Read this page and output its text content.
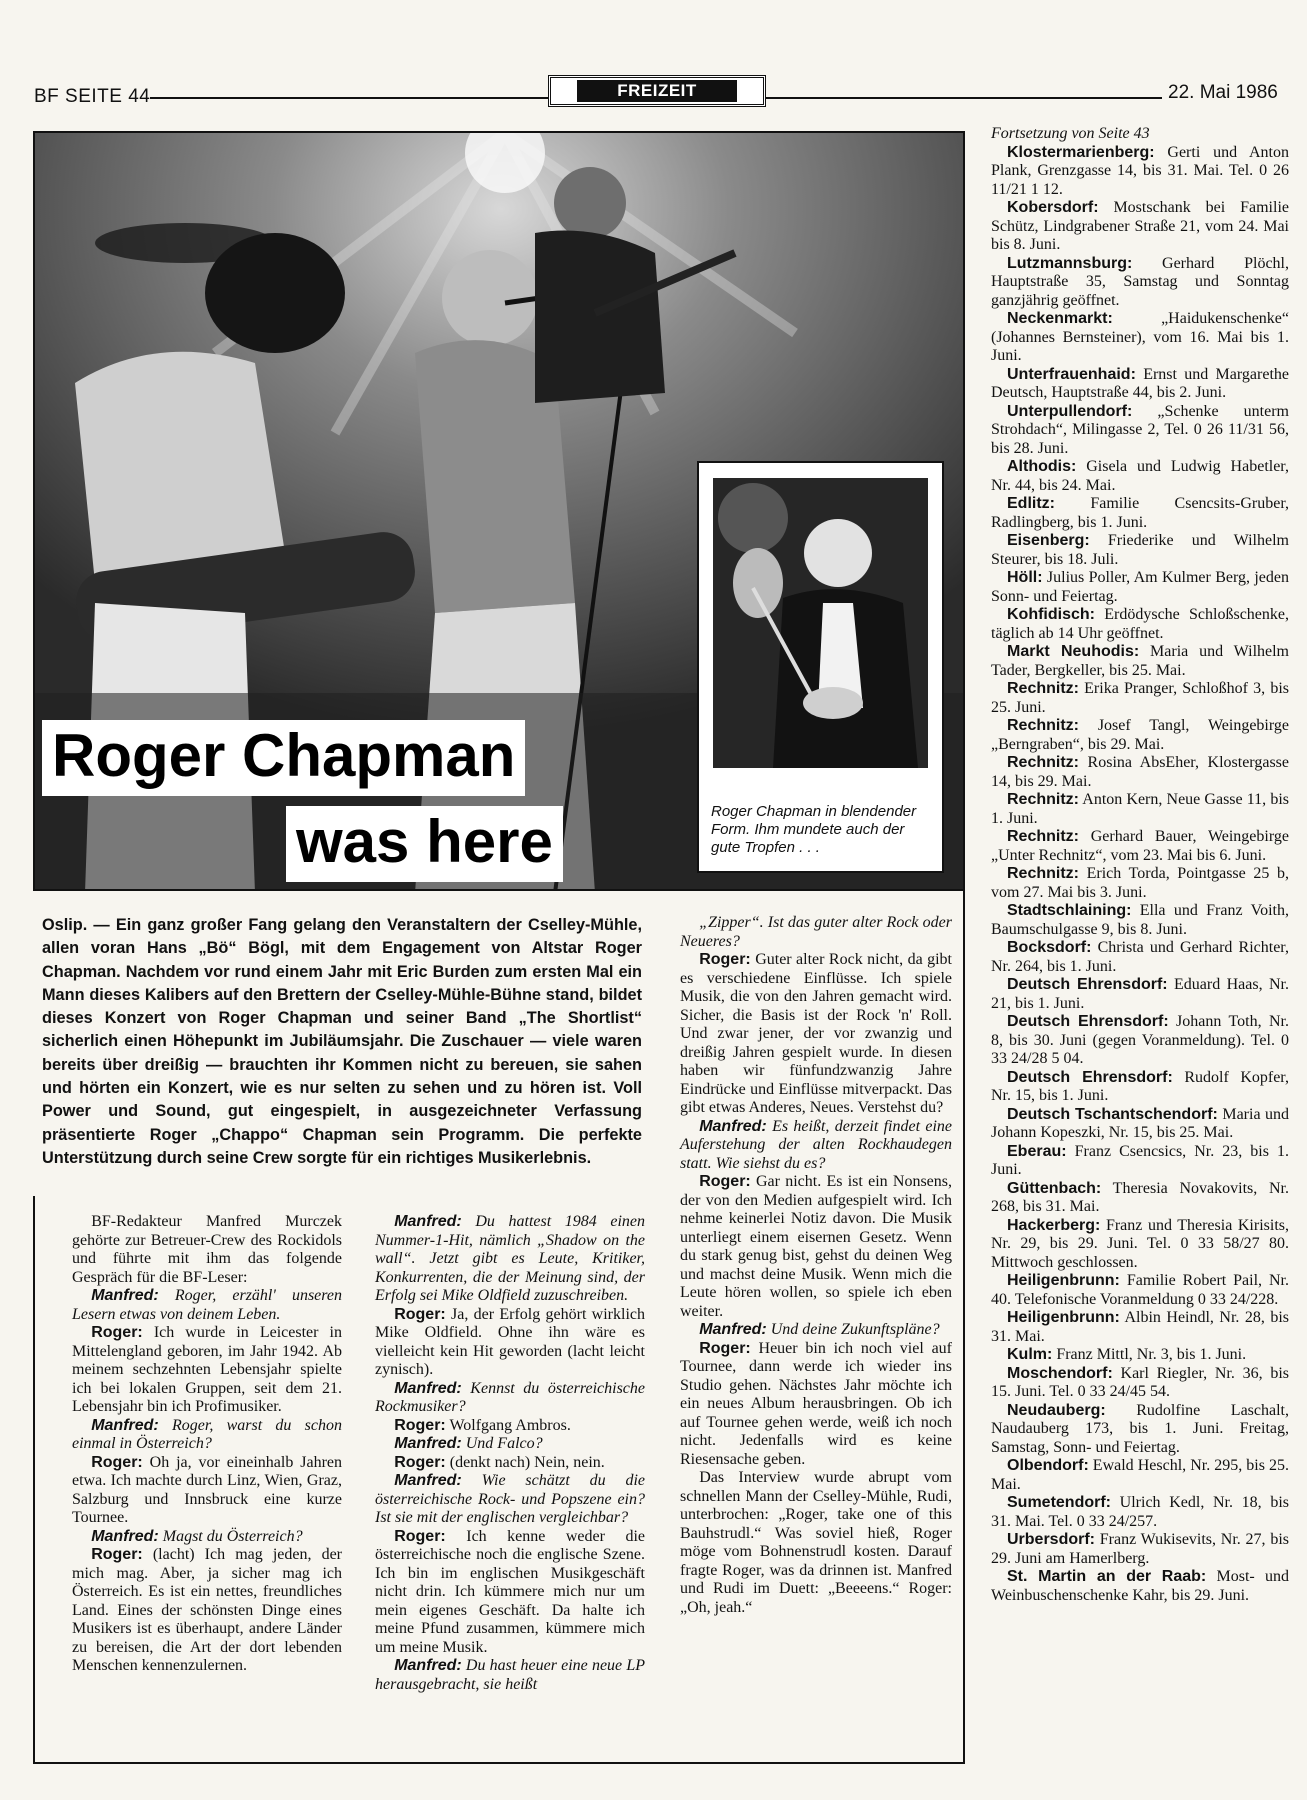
BF SEITE 44	FREIZEIT	22. Mai 1986
Roger Chapman in blendender Form. Ihm mundete auch der gute Tropfen . . .
Roger Chapman
was here
Oslip. — Ein ganz großer Fang gelang den Veranstaltern der Cselley-Mühle, allen voran Hans „Bö“ Bögl, mit dem Engagement von Altstar Roger Chapman. Nachdem vor rund einem Jahr mit Eric Burden zum ersten Mal ein Mann dieses Kalibers auf den Brettern der Cselley-Mühle-Bühne stand, bildet dieses Konzert von Roger Chapman und seiner Band „The Shortlist“ sicherlich einen Höhepunkt im Jubiläumsjahr. Die Zuschauer — viele waren bereits über dreißig — brauchten ihr Kommen nicht zu bereuen, sie sahen und hörten ein Konzert, wie es nur selten zu sehen und zu hören ist. Voll Power und Sound, gut eingespielt, in ausgezeichneter Verfassung präsentierte Roger „Chappo“ Chapman sein Programm. Die perfekte Unterstützung durch seine Crew sorgte für ein richtiges Musikerlebnis.

BF-Redakteur Manfred Murczek gehörte zur Betreuer-Crew des Rockidols und führte mit ihm das folgende Gespräch für die BF-Leser:

Manfred: Roger, erzähl' unseren Lesern etwas von deinem Leben.

Roger: Ich wurde in Leicester in Mittelengland geboren, im Jahr 1942. Ab meinem sechzehnten Lebensjahr spielte ich bei lokalen Gruppen, seit dem 21. Lebensjahr bin ich Profimusiker.

Manfred: Roger, warst du schon einmal in Österreich?

Roger: Oh ja, vor eineinhalb Jahren etwa. Ich machte durch Linz, Wien, Graz, Salzburg und Innsbruck eine kurze Tournee.

Manfred: Magst du Österreich?

Roger: (lacht) Ich mag jeden, der mich mag. Aber, ja sicher mag ich Österreich. Es ist ein nettes, freundliches Land. Eines der schönsten Dinge eines Musikers ist es überhaupt, andere Länder zu bereisen, die Art der dort lebenden Menschen kennenzulernen.

Manfred: Du hattest 1984 einen Nummer-1-Hit, nämlich „Shadow on the wall“. Jetzt gibt es Leute, Kritiker, Konkurrenten, die der Meinung sind, der Erfolg sei Mike Oldfield zuzuschreiben.

Roger: Ja, der Erfolg gehört wirklich Mike Oldfield. Ohne ihn wäre es vielleicht kein Hit geworden (lacht leicht zynisch).

Manfred: Kennst du österreichische Rockmusiker?

Roger: Wolfgang Ambros.

Manfred: Und Falco?

Roger: (denkt nach) Nein, nein.

Manfred: Wie schätzt du die österreichische Rock- und Popszene ein? Ist sie mit der englischen vergleichbar?

Roger: Ich kenne weder die österreichische noch die englische Szene. Ich bin im englischen Musikgeschäft nicht drin. Ich kümmere mich nur um mein eigenes Geschäft. Da halte ich meine Pfund zusammen, kümmere mich um meine Musik.

Manfred: Du hast heuer eine neue LP herausgebracht, sie heißt

„Zipper“. Ist das guter alter Rock oder Neueres?

Roger: Guter alter Rock nicht, da gibt es verschiedene Einflüsse. Ich spiele Musik, die von den Jahren gemacht wird. Sicher, die Basis ist der Rock 'n' Roll. Und zwar jener, der vor zwanzig und dreißig Jahren gespielt wurde. In diesen haben wir fünfundzwanzig Jahre Eindrücke und Einflüsse mitverpackt. Das gibt etwas Anderes, Neues. Verstehst du?

Manfred: Es heißt, derzeit findet eine Auferstehung der alten Rockhaudegen statt. Wie siehst du es?

Roger: Gar nicht. Es ist ein Nonsens, der von den Medien aufgespielt wird. Ich nehme keinerlei Notiz davon. Die Musik unterliegt einem eisernen Gesetz. Wenn du stark genug bist, gehst du deinen Weg und machst deine Musik. Wenn mich die Leute hören wollen, so spiele ich eben weiter.

Manfred: Und deine Zukunftspläne?

Roger: Heuer bin ich noch viel auf Tournee, dann werde ich wieder ins Studio gehen. Nächstes Jahr möchte ich ein neues Album herausbringen. Ob ich auf Tournee gehen werde, weiß ich noch nicht. Jedenfalls wird es keine Riesensache geben.

Das Interview wurde abrupt vom schnellen Mann der Cselley-Mühle, Rudi, unterbrochen: „Roger, take one of this Bauhstrudl.“ Was soviel hieß, Roger möge vom Bohnenstrudl kosten. Darauf fragte Roger, was da drinnen ist. Manfred und Rudi im Duett: „Beeeens.“ Roger: „Oh, jeah.“

Fortsetzung von Seite 43

Klostermarienberg: Gerti und Anton Plank, Grenzgasse 14, bis 31. Mai. Tel. 0 26 11/21 1 12.

Kobersdorf: Mostschank bei Familie Schütz, Lindgrabener Straße 21, vom 24. Mai bis 8. Juni.

Lutzmannsburg: Gerhard Plöchl, Hauptstraße 35, Samstag und Sonntag ganzjährig geöffnet.

Neckenmarkt: „Haidukenschenke“ (Johannes Bernsteiner), vom 16. Mai bis 1. Juni.

Unterfrauenhaid: Ernst und Margarethe Deutsch, Hauptstraße 44, bis 2. Juni.

Unterpullendorf: „Schenke unterm Strohdach“, Milingasse 2, Tel. 0 26 11/31 56, bis 28. Juni.

Althodis: Gisela und Ludwig Habetler, Nr. 44, bis 24. Mai.

Edlitz: Familie Csencsits-Gruber, Radlingberg, bis 1. Juni.

Eisenberg: Friederike und Wilhelm Steurer, bis 18. Juli.

Höll: Julius Poller, Am Kulmer Berg, jeden Sonn- und Feiertag.

Kohfidisch: Erdödysche Schloßschenke, täglich ab 14 Uhr geöffnet.

Markt Neuhodis: Maria und Wilhelm Tader, Bergkeller, bis 25. Mai.

Rechnitz: Erika Pranger, Schloßhof 3, bis 25. Juni.

Rechnitz: Josef Tangl, Weingebirge „Berngraben“, bis 29. Mai.

Rechnitz: Rosina AbsEher, Klostergasse 14, bis 29. Mai.

Rechnitz: Anton Kern, Neue Gasse 11, bis 1. Juni.

Rechnitz: Gerhard Bauer, Weingebirge „Unter Rechnitz“, vom 23. Mai bis 6. Juni.

Rechnitz: Erich Torda, Pointgasse 25 b, vom 27. Mai bis 3. Juni.

Stadtschlaining: Ella und Franz Voith, Baumschulgasse 9, bis 8. Juni.

Bocksdorf: Christa und Gerhard Richter, Nr. 264, bis 1. Juni.

Deutsch Ehrensdorf: Eduard Haas, Nr. 21, bis 1. Juni.

Deutsch Ehrensdorf: Johann Toth, Nr. 8, bis 30. Juni (gegen Voranmeldung). Tel. 0 33 24/28 5 04.

Deutsch Ehrensdorf: Rudolf Kopfer, Nr. 15, bis 1. Juni.

Deutsch Tschantschendorf: Maria und Johann Kopeszki, Nr. 15, bis 25. Mai.

Eberau: Franz Csencsics, Nr. 23, bis 1. Juni.

Güttenbach: Theresia Novakovits, Nr. 268, bis 31. Mai.

Hackerberg: Franz und Theresia Kirisits, Nr. 29, bis 29. Juni. Tel. 0 33 58/27 80. Mittwoch geschlossen.

Heiligenbrunn: Familie Robert Pail, Nr. 40. Telefonische Voranmeldung 0 33 24/228.

Heiligenbrunn: Albin Heindl, Nr. 28, bis 31. Mai.

Kulm: Franz Mittl, Nr. 3, bis 1. Juni.

Moschendorf: Karl Riegler, Nr. 36, bis 15. Juni. Tel. 0 33 24/45 54.

Neudauberg: Rudolfine Laschalt, Naudauberg 173, bis 1. Juni. Freitag, Samstag, Sonn- und Feiertag.

Olbendorf: Ewald Heschl, Nr. 295, bis 25. Mai.

Sumetendorf: Ulrich Kedl, Nr. 18, bis 31. Mai. Tel. 0 33 24/257.

Urbersdorf: Franz Wukisevits, Nr. 27, bis 29. Juni am Hamerlberg.

St. Martin an der Raab: Most- und Weinbuschenschenke Kahr, bis 29. Juni.
